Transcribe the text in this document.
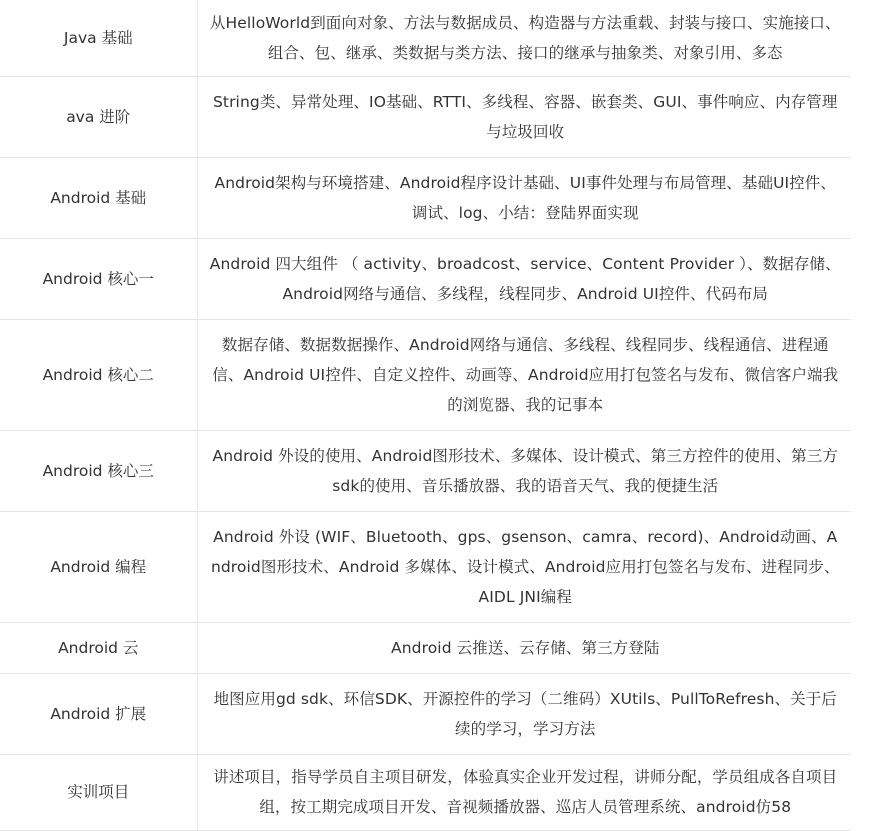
Java 基础	从HelloWorld到面向对象、方法与数据成员、构造器与方法重载、封装与接口、实施接口、组合、包、继承、类数据与类方法、接口的继承与抽象类、对象引用、多态
ava 进阶	String类、异常处理、IO基础、RTTI、多线程、容器、嵌套类、GUI、事件响应、内存管理与垃圾回收
Android 基础	Android架构与环境搭建、Android程序设计基础、UI事件处理与布局管理、基础UI控件、调试、log、小结：登陆界面实现
Android 核心一	Android 四大组件 （ activity、broadcost、service、Content Provider ）、数据存储、Android网络与通信、多线程，线程同步、Android UI控件、代码布局
Android 核心二	数据存储、数据数据操作、Android网络与通信、多线程、线程同步、线程通信、进程通信、Android UI控件、自定义控件、动画等、Android应用打包签名与发布、微信客户端我的浏览器、我的记事本
Android 核心三	Android 外设的使用、Android图形技术、多媒体、设计模式、第三方控件的使用、第三方sdk的使用、音乐播放器、我的语音天气、我的便捷生活
Android 编程	Android 外设 (WIF、Bluetooth、gps、gsenson、camra、record)、Android动画、Android图形技术、Android 多媒体、设计模式、Android应用打包签名与发布、进程同步、AIDL JNI编程
Android 云	Android 云推送、云存储、第三方登陆
Android 扩展	地图应用gd sdk、环信SDK、开源控件的学习（二维码）XUtils、PullToRefresh、关于后续的学习，学习方法
实训项目	讲述项目，指导学员自主项目研发，体验真实企业开发过程，讲师分配，学员组成各自项目组，按工期完成项目开发、音视频播放器、巡店人员管理系统、android仿58
